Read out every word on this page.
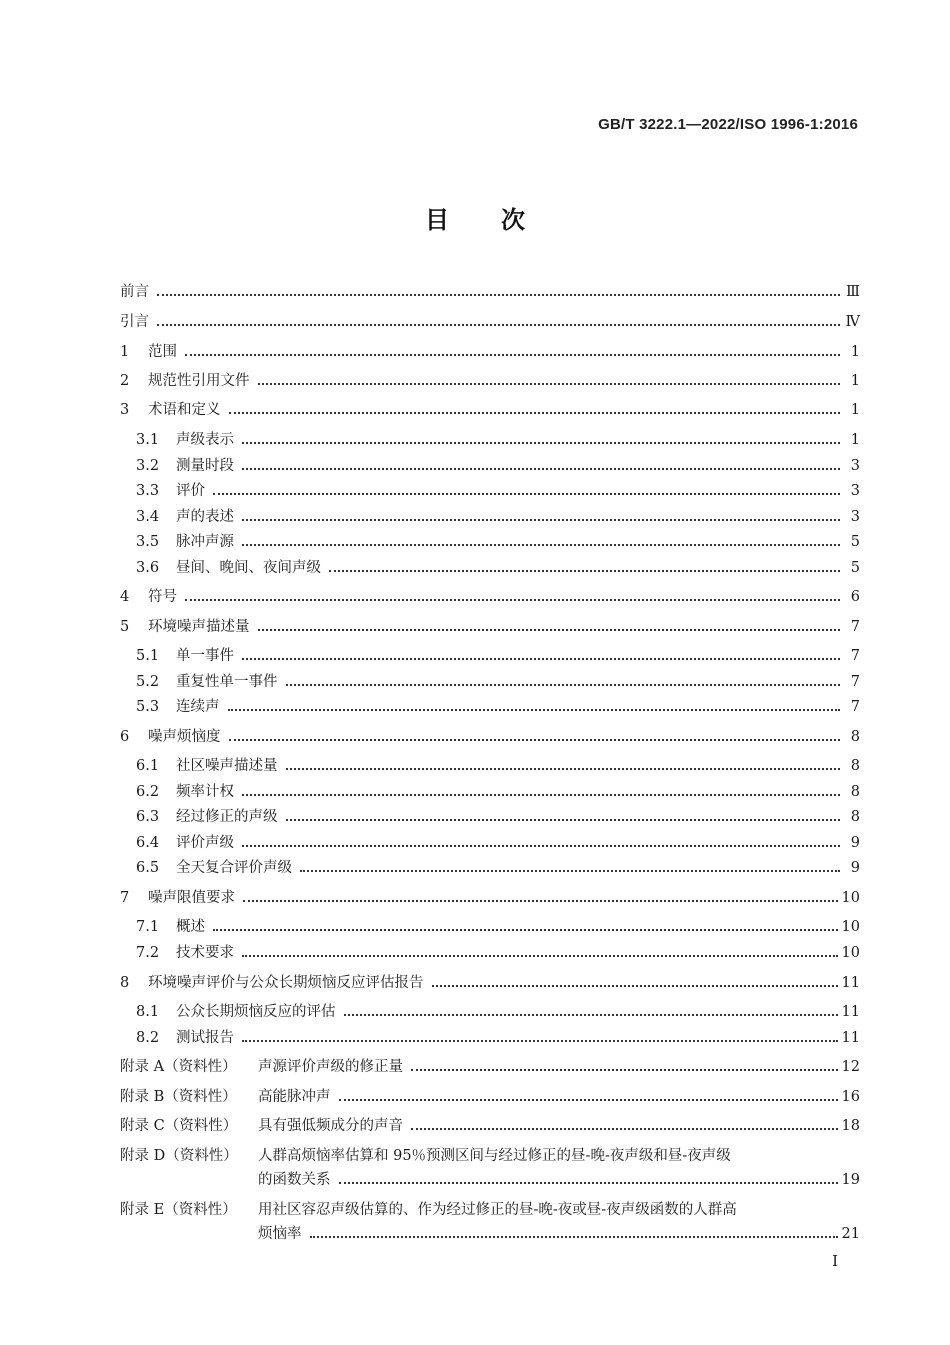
GB/T 3222.1—2022/ISO 1996-1:2016
目次
前言	Ⅲ
引言	Ⅳ
1	范围	1
2	规范性引用文件	1
3	术语和定义	1
3.1 声级表示	1
3.2 测量时段	3
3.3 评价	3
3.4 声的表述	3
3.5 脉冲声源	5
3.6 昼间、晚间、夜间声级	5
4	符号	6
5	环境噪声描述量	7
5.1 单一事件	7
5.2 重复性单一事件	7
5.3 连续声	7
6	噪声烦恼度	8
6.1 社区噪声描述量	8
6.2 频率计权	8
6.3 经过修正的声级	8
6.4 评价声级	9
6.5 全天复合评价声级	9
7	噪声限值要求	10
7.1 概述	10
7.2 技术要求	10
8	环境噪声评价与公众长期烦恼反应评估报告	11
8.1 公众长期烦恼反应的评估	11
8.2 测试报告	11
附录 A（资料性）	声源评价声级的修正量	12
附录 B（资料性）	高能脉冲声	16
附录 C（资料性）	具有强低频成分的声音	18
附录 D（资料性）	人群高烦恼率估算和 95％预测区间与经过修正的昼-晚-夜声级和昼-夜声级
的函数关系	19
附录 E（资料性）	用社区容忍声级估算的、作为经过修正的昼-晚-夜或昼-夜声级函数的人群高
烦恼率	21
I
